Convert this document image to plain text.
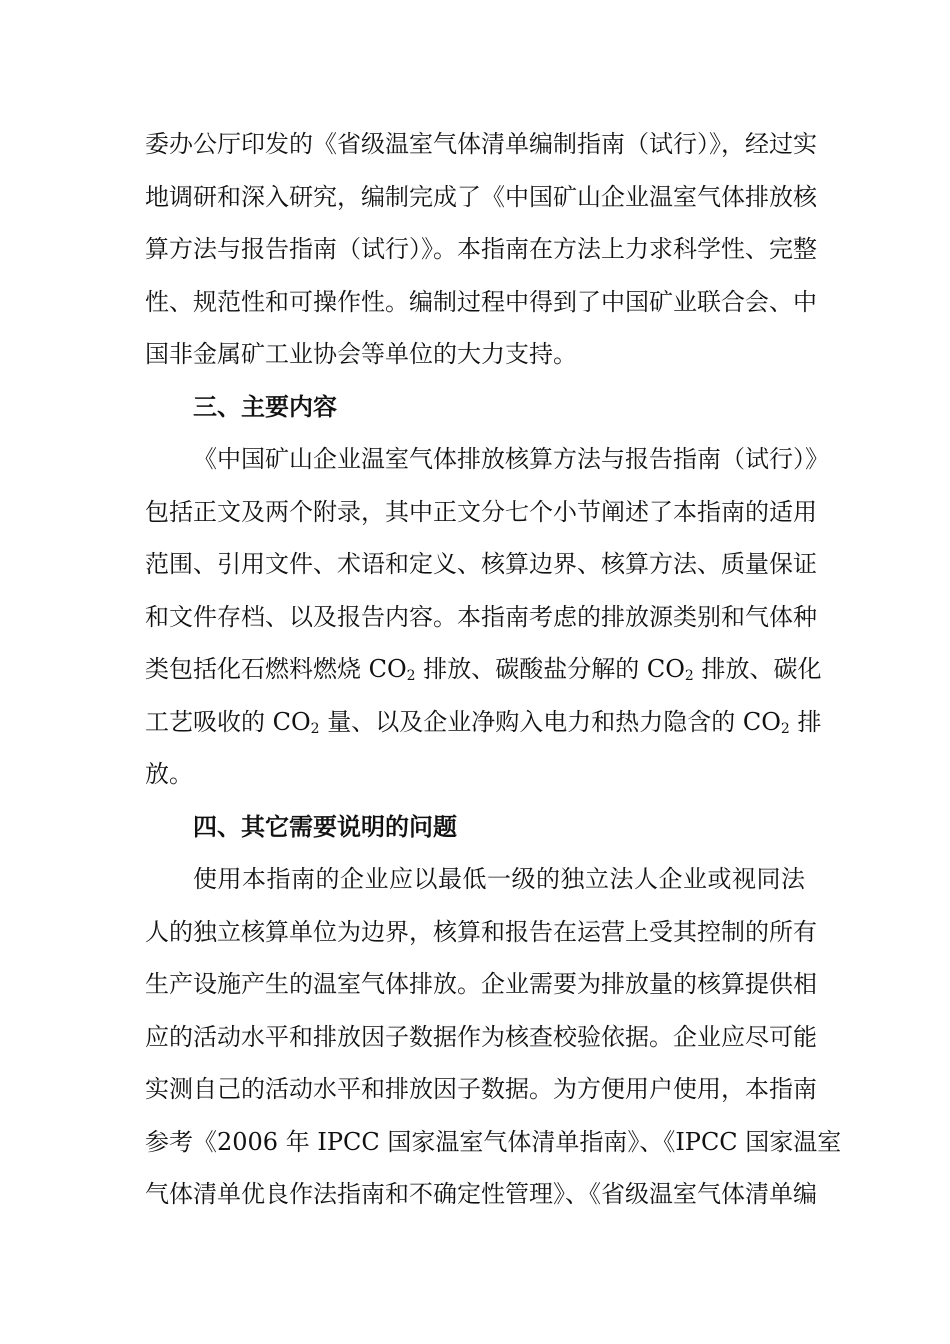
委办公厅印发的《省级温室气体清单编制指南（试行）》，经过实
地调研和深入研究，编制完成了《中国矿山企业温室气体排放核
算方法与报告指南（试行）》。本指南在方法上力求科学性、完整
性、规范性和可操作性。编制过程中得到了中国矿业联合会、中
国非金属矿工业协会等单位的大力支持。
三、主要内容
《中国矿山企业温室气体排放核算方法与报告指南（试行）》
包括正文及两个附录，其中正文分七个小节阐述了本指南的适用
范围、引用文件、术语和定义、核算边界、核算方法、质量保证
和文件存档、以及报告内容。本指南考虑的排放源类别和气体种
类包括化石燃料燃烧 $CO_2$ 排放、碳酸盐分解的 $CO_2$ 排放、碳化
工艺吸收的 $CO_2$ 量、以及企业净购入电力和热力隐含的 $CO_2$ 排
放。
四、其它需要说明的问题
使用本指南的企业应以最低一级的独立法人企业或视同法
人的独立核算单位为边界，核算和报告在运营上受其控制的所有
生产设施产生的温室气体排放。企业需要为排放量的核算提供相
应的活动水平和排放因子数据作为核查校验依据。企业应尽可能
实测自己的活动水平和排放因子数据。为方便用户使用，本指南
参考《2006 年 IPCC 国家温室气体清单指南》、《IPCC 国家温室
气体清单优良作法指南和不确定性管理》、《省级温室气体清单编
